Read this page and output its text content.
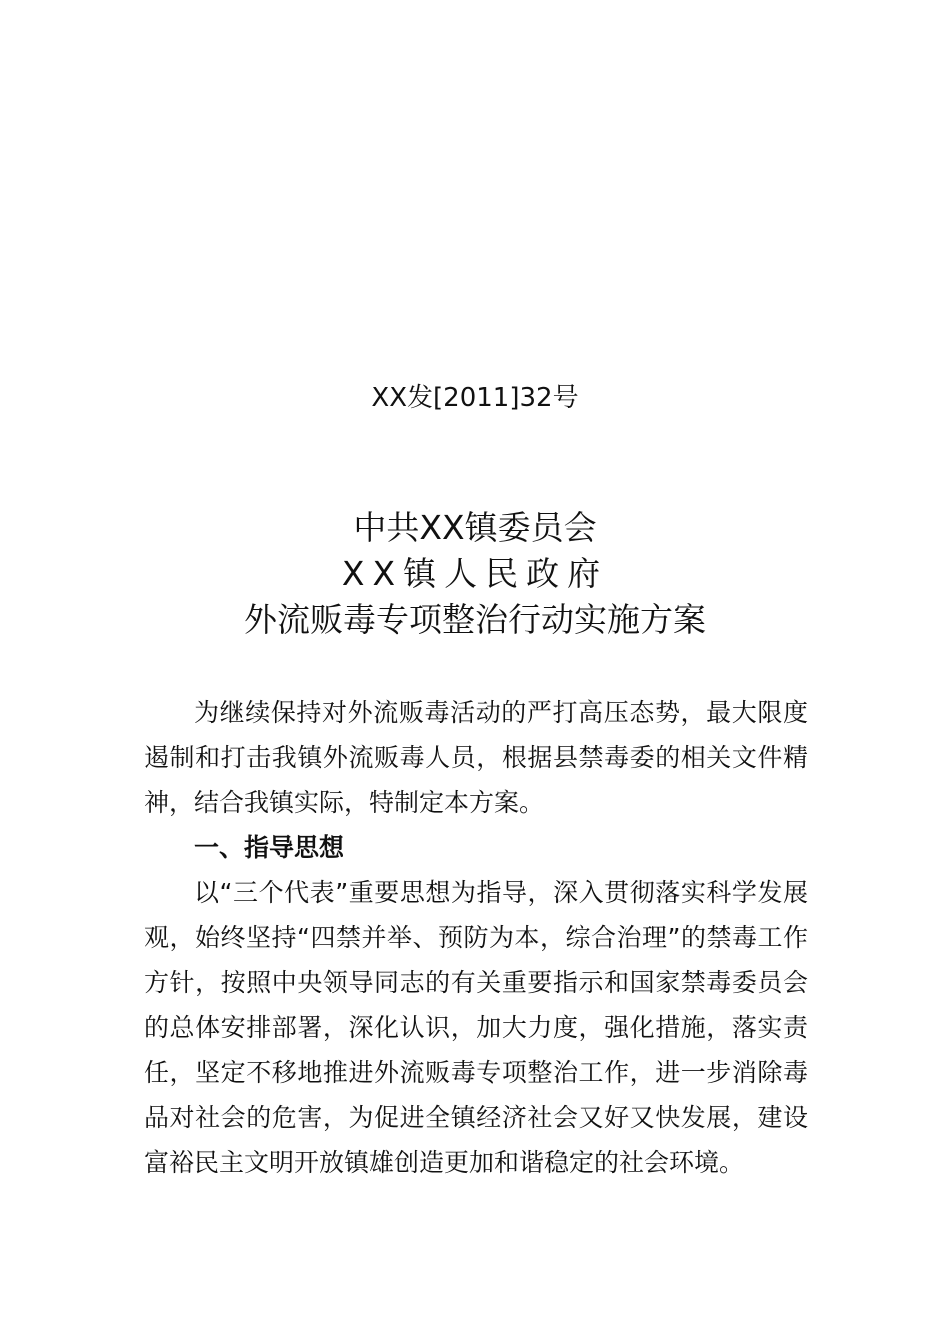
XX发[2011]32号
中共XX镇委员会
XX镇人民政府
外流贩毒专项整治行动实施方案

为继续保持对外流贩毒活动的严打高压态势，最大限度遏制和打击我镇外流贩毒人员，根据县禁毒委的相关文件精神，结合我镇实际，特制定本方案。

一、指导思想

以“三个代表”重要思想为指导，深入贯彻落实科学发展观，始终坚持“四禁并举、预防为本，综合治理”的禁毒工作方针，按照中央领导同志的有关重要指示和国家禁毒委员会的总体安排部署，深化认识，加大力度，强化措施，落实责任，坚定不移地推进外流贩毒专项整治工作，进一步消除毒品对社会的危害，为促进全镇经济社会又好又快发展，建设富裕民主文明开放镇雄创造更加和谐稳定的社会环境。
